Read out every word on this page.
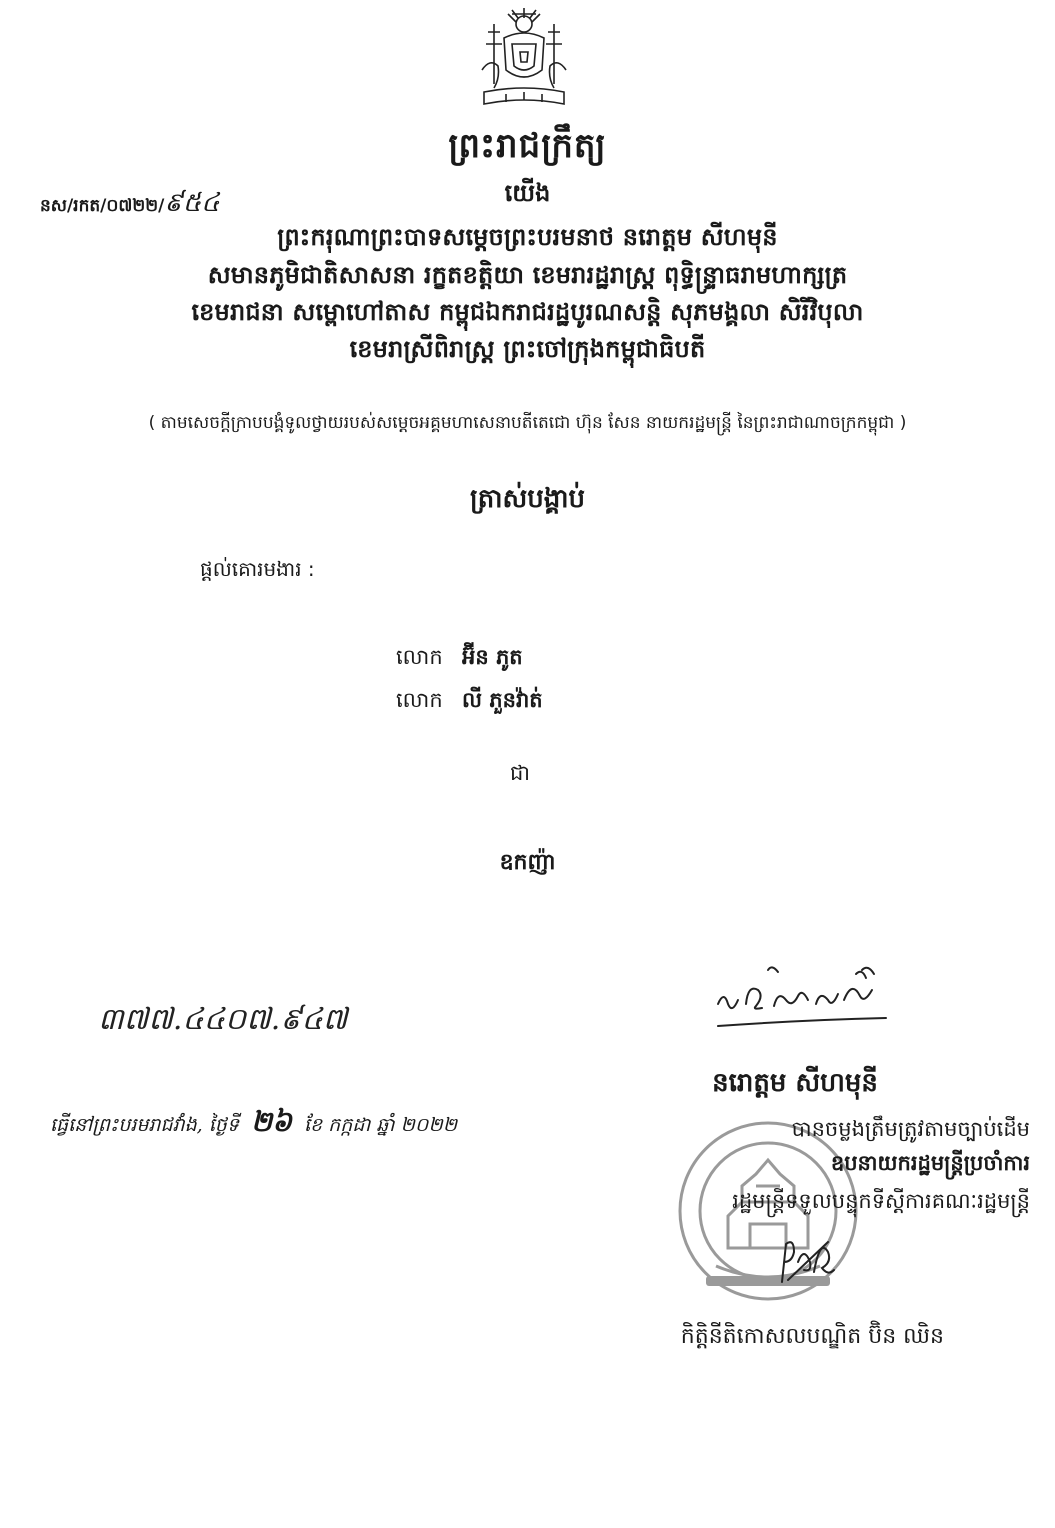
ព្រះរាជក្រឹត្យ
នស/រកត/០៧២២/៩៥៤	យើង
ព្រះករុណាព្រះបាទសម្តេចព្រះបរមនាថ នរោត្តម សីហមុនី
សមានភូមិជាតិសាសនា រក្ខតខត្តិយា ខេមរារដ្ឋរាស្ត្រ ពុទ្ធិន្ទ្រាធរាមហាក្សត្រ
ខេមរាជនា សម្ពោហៅតាស កម្ពុជឯករាជរដ្ឋបូរណសន្តិ សុភមង្គលា សិរីវិបុលា
ខេមរាស្រីពិរាស្ត្រ ព្រះចៅក្រុងកម្ពុជាធិបតី
( តាមសេចក្តីក្រាបបង្គំទូលថ្វាយរបស់សម្តេចអគ្គមហាសេនាបតីតេជោ ហ៊ុន សែន នាយករដ្ឋមន្ត្រី នៃព្រះរាជាណាចក្រកម្ពុជា )
ត្រាស់បង្គាប់
ផ្តល់គោរមងារ :
លោក អ៊ីន ភូត
លោក លី ភួនវ៉ាត់
ជា
ឧកញ៉ា
៣៧៧.៤៤០៧.៩៤៧
ធ្វើនៅព្រះបរមរាជវាំង, ថ្ងៃទី ២៦ ខែ កក្កដា ឆ្នាំ ២០២២
នរោត្តម សីហមុនី
បានចម្លងត្រឹមត្រូវតាមច្បាប់ដើម
ឧបនាយករដ្ឋមន្ត្រីប្រចាំការ
រដ្ឋមន្ត្រីទទួលបន្ទុកទីស្តីការគណៈរដ្ឋមន្ត្រី
កិត្តិនីតិកោសលបណ្ឌិត ប៊ិន ឈិន
